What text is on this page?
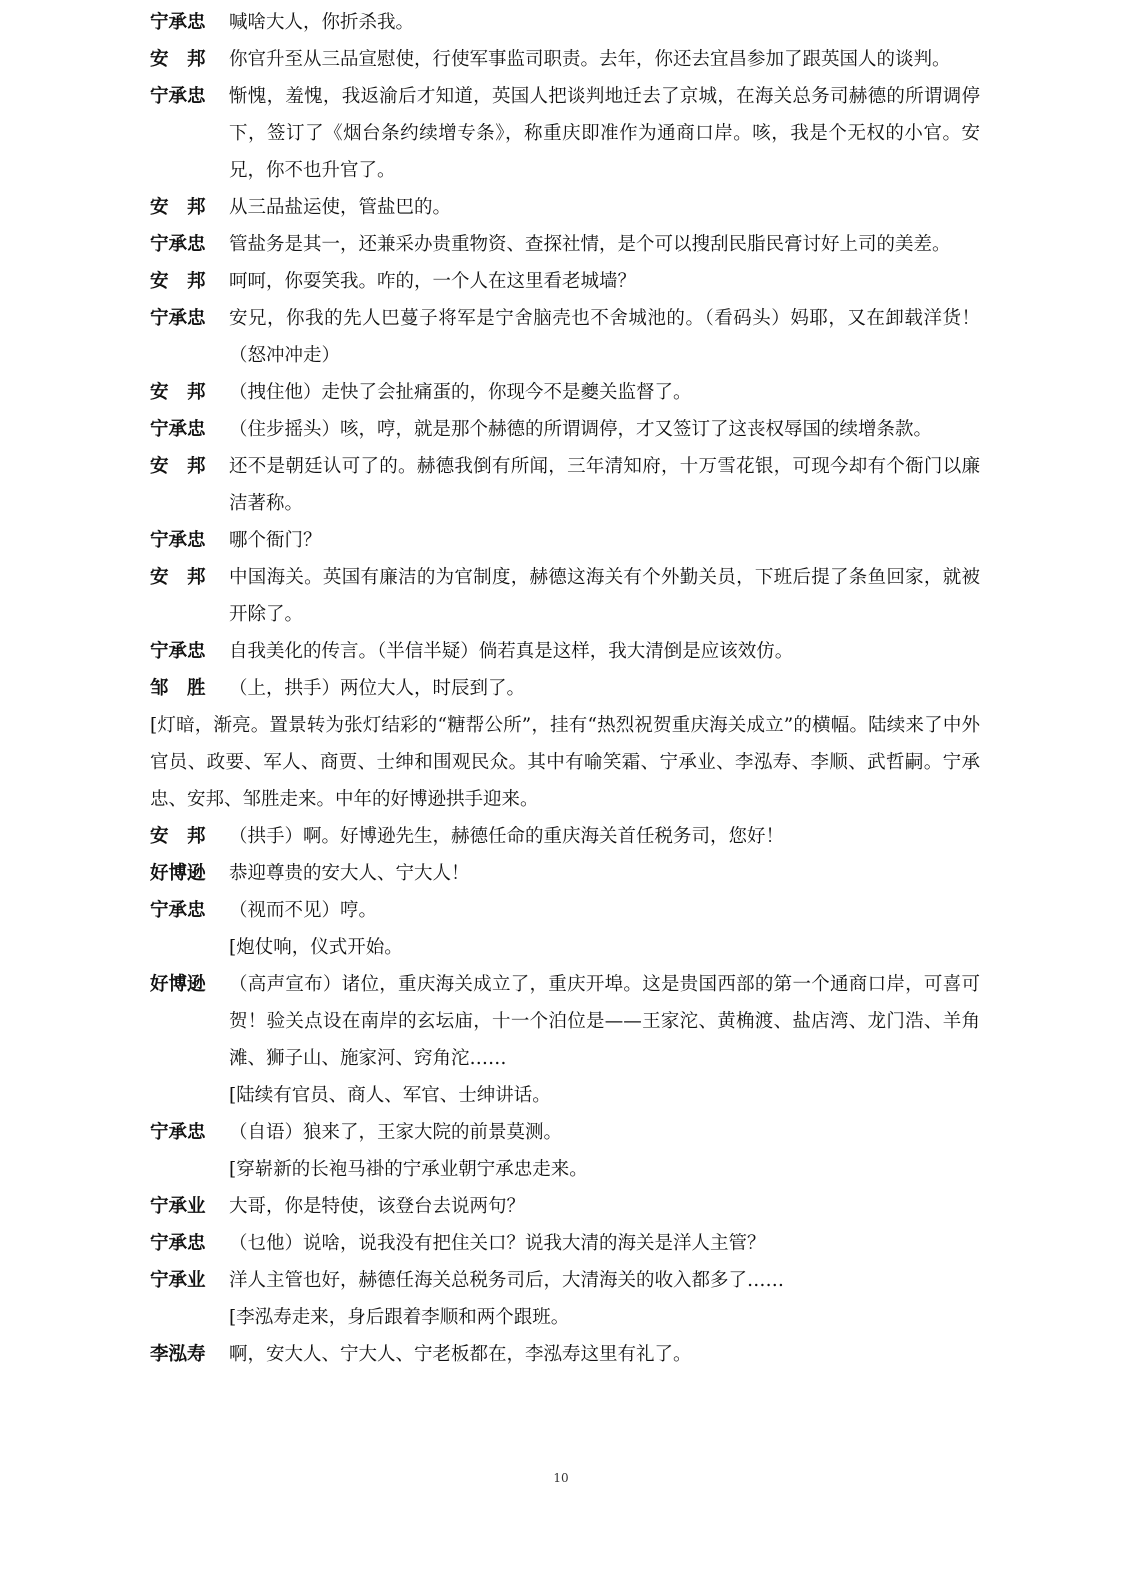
宁承忠	喊啥大人，你折杀我。
安　邦	你官升至从三品宣慰使，行使军事监司职责。去年，你还去宜昌参加了跟英国人的谈判。
宁承忠	惭愧，羞愧，我返渝后才知道，英国人把谈判地迁去了京城，在海关总务司赫德的所谓调停下，签订了《烟台条约续增专条》，称重庆即准作为通商口岸。咳，我是个无权的小官。安兄，你不也升官了。
安　邦	从三品盐运使，管盐巴的。
宁承忠	管盐务是其一，还兼采办贵重物资、查探社情，是个可以搜刮民脂民膏讨好上司的美差。
安　邦	呵呵，你耍笑我。咋的，一个人在这里看老城墙？
宁承忠	安兄，你我的先人巴蔓子将军是宁舍脑壳也不舍城池的。（看码头）妈耶，又在卸载洋货！（怒冲冲走）
安　邦	（拽住他）走快了会扯痛蛋的，你现今不是夔关监督了。
宁承忠	（住步摇头）咳，哼，就是那个赫德的所谓调停，才又签订了这丧权辱国的续增条款。
安　邦	还不是朝廷认可了的。赫德我倒有所闻，三年清知府，十万雪花银，可现今却有个衙门以廉洁著称。
宁承忠	哪个衙门？
安　邦	中国海关。英国有廉洁的为官制度，赫德这海关有个外勤关员，下班后提了条鱼回家，就被开除了。
宁承忠	自我美化的传言。（半信半疑）倘若真是这样，我大清倒是应该效仿。
邹　胜	（上，拱手）两位大人，时辰到了。
[灯暗，渐亮。置景转为张灯结彩的“糖帮公所”，挂有“热烈祝贺重庆海关成立”的横幅。陆续来了中外官员、政要、军人、商贾、士绅和围观民众。其中有喻笑霜、宁承业、李泓寿、李顺、武哲嗣。宁承忠、安邦、邹胜走来。中年的好博逊拱手迎来。
安　邦	（拱手）啊。好博逊先生，赫德任命的重庆海关首任税务司，您好！
好博逊	恭迎尊贵的安大人、宁大人！
宁承忠	（视而不见）哼。
[炮仗响，仪式开始。
好博逊	（高声宣布）诸位，重庆海关成立了，重庆开埠。这是贵国西部的第一个通商口岸，可喜可贺！验关点设在南岸的玄坛庙，十一个泊位是——王家沱、黄桷渡、盐店湾、龙门浩、羊角滩、狮子山、施家河、窍角沱……
[陆续有官员、商人、军官、士绅讲话。
宁承忠	（自语）狼来了，王家大院的前景莫测。
[穿崭新的长袍马褂的宁承业朝宁承忠走来。
宁承业	大哥，你是特使，该登台去说两句？
宁承忠	（乜他）说啥，说我没有把住关口？说我大清的海关是洋人主管？
宁承业	洋人主管也好，赫德任海关总税务司后，大清海关的收入都多了……
[李泓寿走来，身后跟着李顺和两个跟班。
李泓寿	啊，安大人、宁大人、宁老板都在，李泓寿这里有礼了。
10
